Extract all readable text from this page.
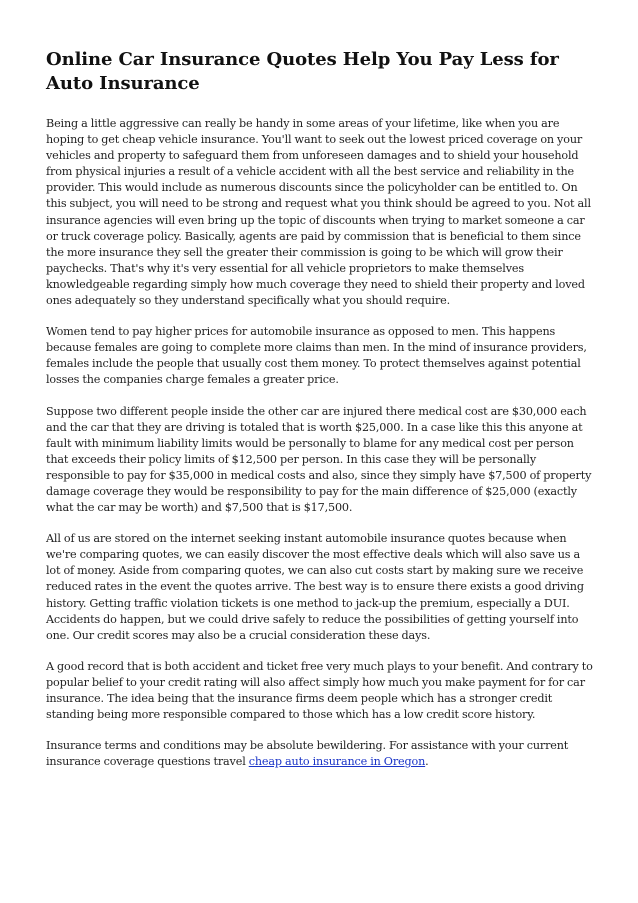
Online Car Insurance Quotes Help You Pay Less for Auto Insurance

Being a little aggressive can really be handy in some areas of your lifetime, like when you are hoping to get cheap vehicle insurance. You'll want to seek out the lowest priced coverage on your vehicles and property to safeguard them from unforeseen damages and to shield your household from physical injuries a result of a vehicle accident with all the best service and reliability in the provider. This would include as numerous discounts since the policyholder can be entitled to. On this subject, you will need to be strong and request what you think should be agreed to you. Not all insurance agencies will even bring up the topic of discounts when trying to market someone a car or truck coverage policy. Basically, agents are paid by commission that is beneficial to them since the more insurance they sell the greater their commission is going to be which will grow their paychecks. That's why it's very essential for all vehicle proprietors to make themselves knowledgeable regarding simply how much coverage they need to shield their property and loved ones adequately so they understand specifically what you should require.

Women tend to pay higher prices for automobile insurance as opposed to men. This happens because females are going to complete more claims than men. In the mind of insurance providers, females include the people that usually cost them money. To protect themselves against potential losses the companies charge females a greater price.

Suppose two different people inside the other car are injured there medical cost are $30,000 each and the car that they are driving is totaled that is worth $25,000. In a case like this this anyone at fault with minimum liability limits would be personally to blame for any medical cost per person that exceeds their policy limits of $12,500 per person. In this case they will be personally responsible to pay for $35,000 in medical costs and also, since they simply have $7,500 of property damage coverage they would be responsibility to pay for the main difference of $25,000 (exactly what the car may be worth) and $7,500 that is $17,500.

All of us are stored on the internet seeking instant automobile insurance quotes because when we're comparing quotes, we can easily discover the most effective deals which will also save us a lot of money. Aside from comparing quotes, we can also cut costs start by making sure we receive reduced rates in the event the quotes arrive. The best way is to ensure there exists a good driving history. Getting traffic violation tickets is one method to jack-up the premium, especially a DUI. Accidents do happen, but we could drive safely to reduce the possibilities of getting yourself into one. Our credit scores may also be a crucial consideration these days.

A good record that is both accident and ticket free very much plays to your benefit. And contrary to popular belief to your credit rating will also affect simply how much you make payment for for car insurance. The idea being that the insurance firms deem people which has a stronger credit standing being more responsible compared to those which has a low credit score history.

Insurance terms and conditions may be absolute bewildering. For assistance with your current insurance coverage questions travel cheap auto insurance in Oregon.
